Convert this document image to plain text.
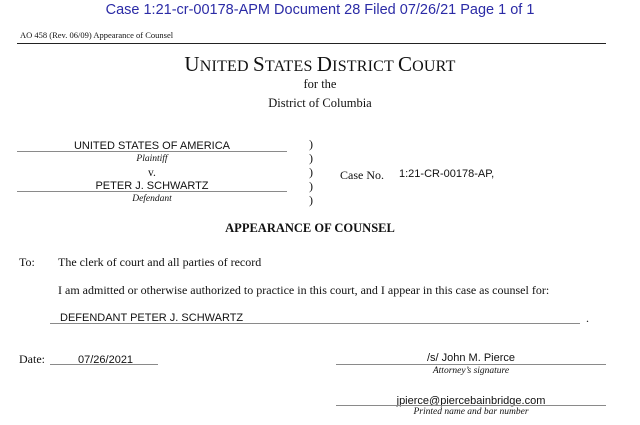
Case 1:21-cr-00178-APM Document 28 Filed 07/26/21 Page 1 of 1
AO 458 (Rev. 06/09) Appearance of Counsel
UNITED STATES DISTRICT COURT
for the
District of Columbia
UNITED STATES OF AMERICA
Plaintiff
v.
PETER J. SCHWARTZ
Defendant
)
)
)
)
)
Case No. 1:21-CR-00178-AP,
APPEARANCE OF COUNSEL
To: The clerk of court and all parties of record
I am admitted or otherwise authorized to practice in this court, and I appear in this case as counsel for:
DEFENDANT PETER J. SCHWARTZ	.
Date:	07/26/2021	/s/ John M. Pierce
Attorney’s signature
jpierce@piercebainbridge.com
Printed name and bar number
